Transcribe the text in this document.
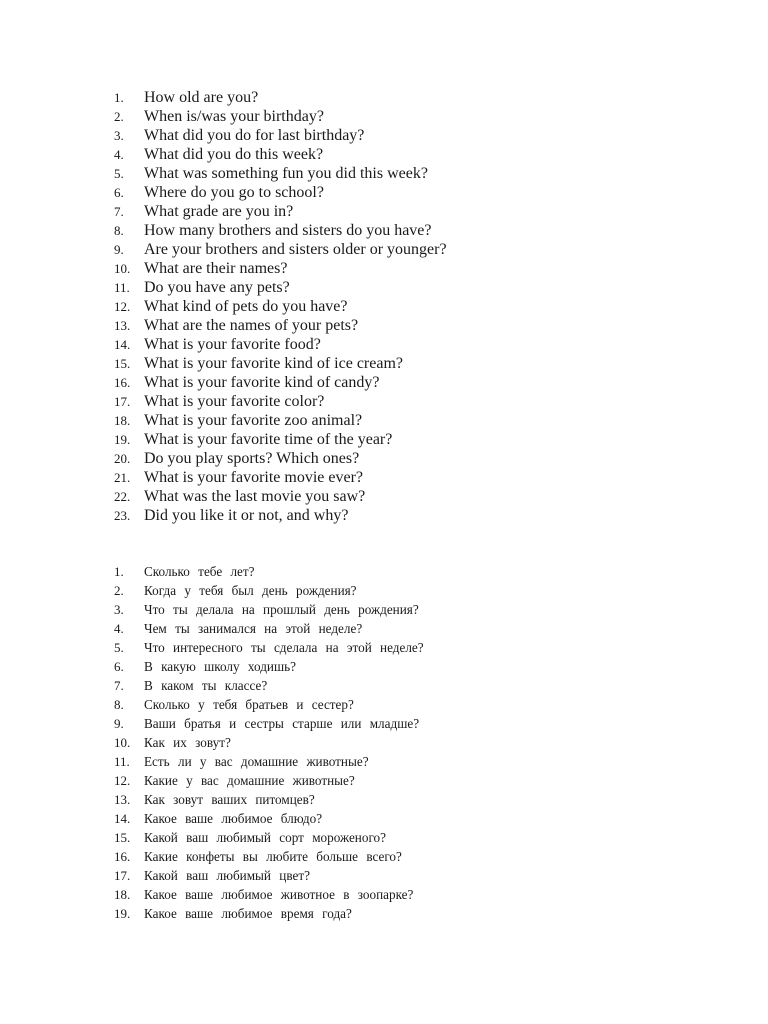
1.	How old are you?
2.	When is/was your birthday?
3.	What did you do for last birthday?
4.	What did you do this week?
5.	What was something fun you did this week?
6.	Where do you go to school?
7.	What grade are you in?
8.	How many brothers and sisters do you have?
9.	Are your brothers and sisters older or younger?
10. What are their names?
11. Do you have any pets?
12. What kind of pets do you have?
13. What are the names of your pets?
14. What is your favorite food?
15. What is your favorite kind of ice cream?
16. What is your favorite kind of candy?
17. What is your favorite color?
18. What is your favorite zoo animal?
19. What is your favorite time of the year?
20. Do you play sports? Which ones?
21. What is your favorite movie ever?
22. What was the last movie you saw?
23. Did you like it or not, and why?
1.	Сколько тебе лет?
2.	Когда у тебя был день рождения?
3.	Что ты делала на прошлый день рождения?
4.	Чем ты занимался на этой неделе?
5.	Что интересного ты сделала на этой неделе?
6.	В какую школу ходишь?
7.	В каком ты классе?
8.	Сколько у тебя братьев и сестер?
9.	Ваши братья и сестры старше или младше?
10.	Как их зовут?
11.	Есть ли у вас домашние животные?
12.	Какие у вас домашние животные?
13.	Как зовут ваших питомцев?
14.	Какое ваше любимое блюдо?
15.	Какой ваш любимый сорт мороженого?
16.	Какие конфеты вы любите больше всего?
17.	Какой ваш любимый цвет?
18.	Какое ваше любимое животное в зоопарке?
19.	Какое ваше любимое время года?
